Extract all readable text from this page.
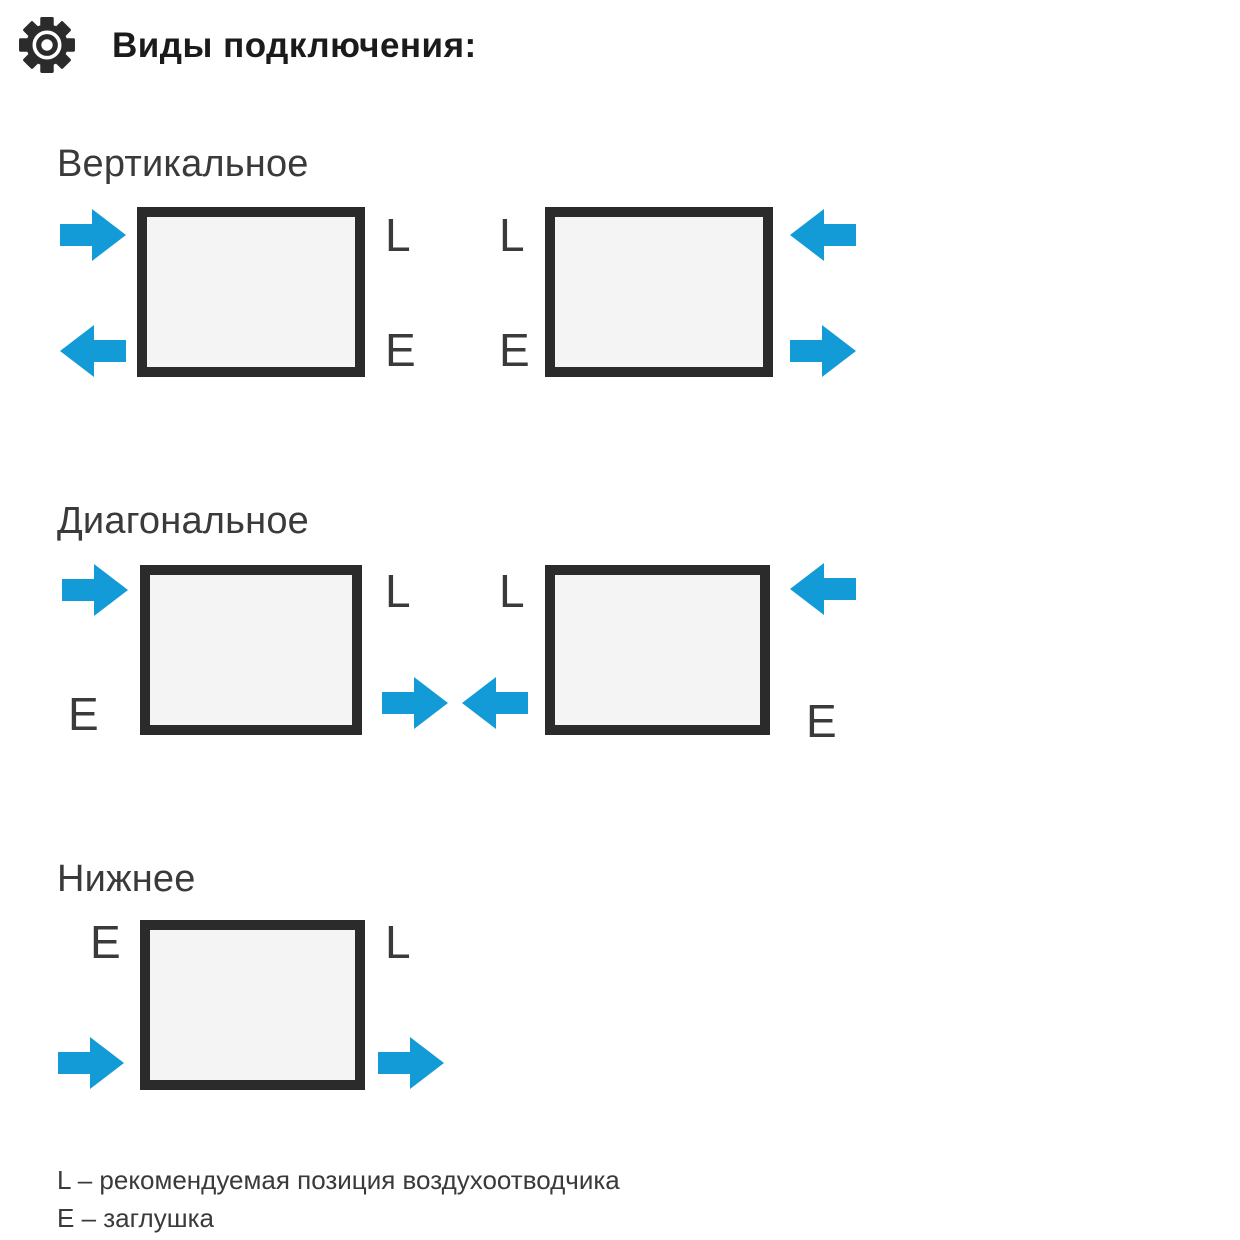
Виды подключения:
Вертикальное
L
E
L
E
Диагональное
E
L L
E
Нижнее
E	L
L – рекомендуемая позиция воздухоотводчика
E – заглушка
